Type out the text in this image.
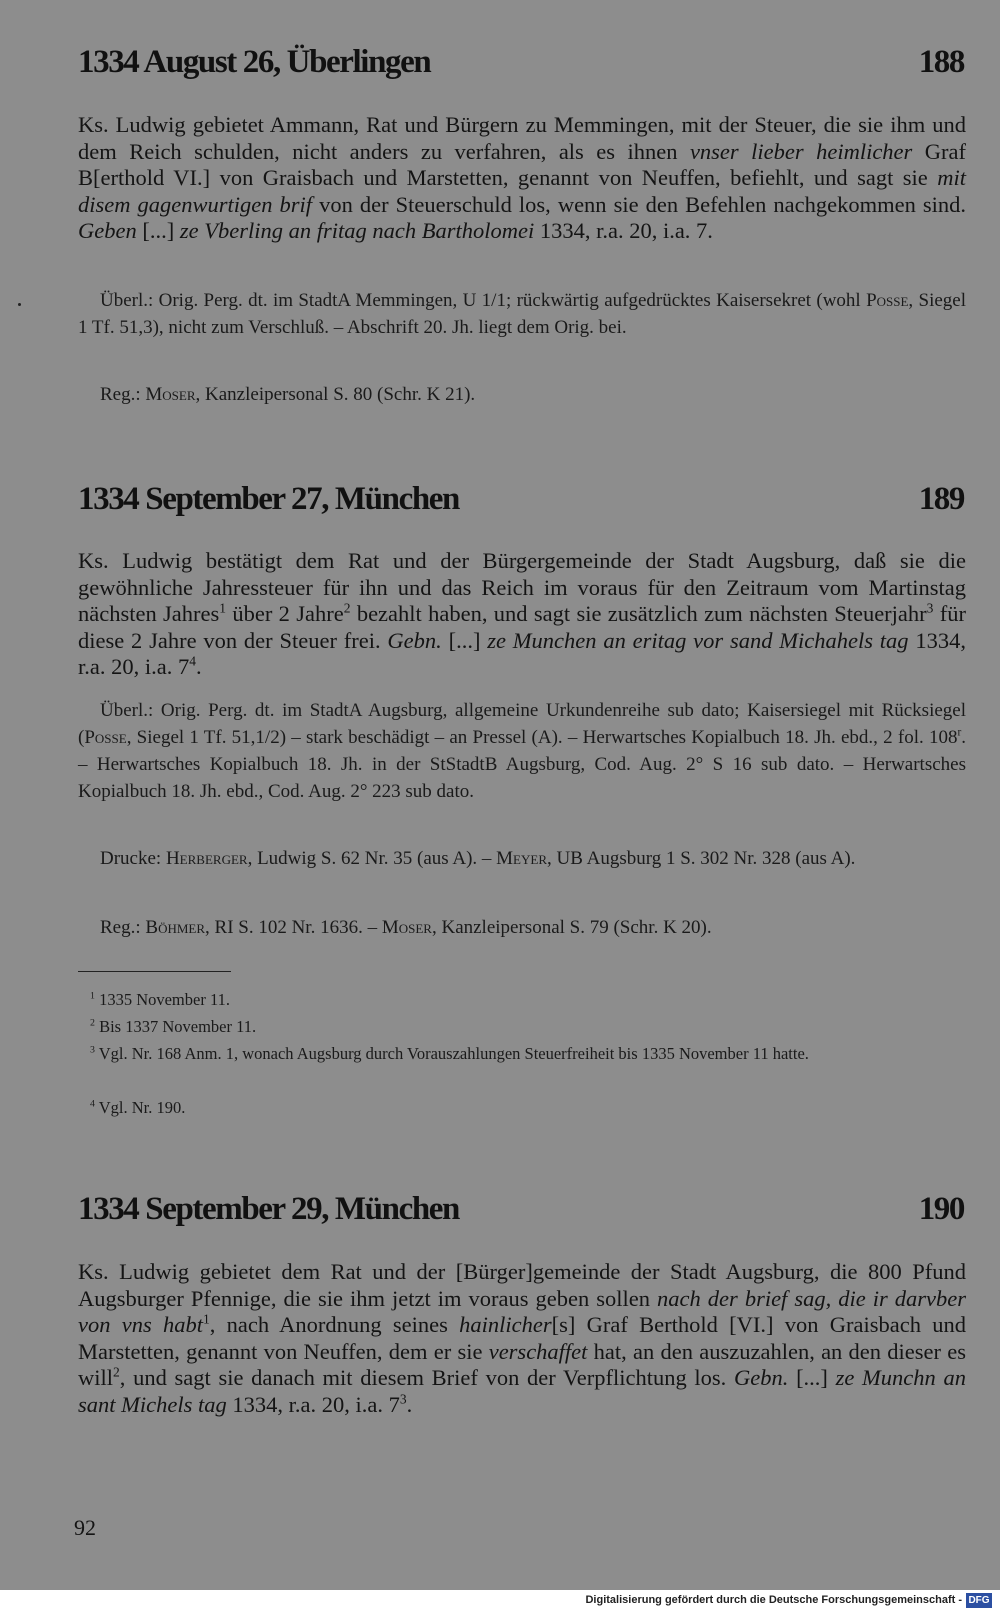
1334 August 26, Überlingen	188

Ks. Ludwig gebietet Ammann, Rat und Bürgern zu Memmingen, mit der Steuer, die sie ihm und dem Reich schulden, nicht anders zu verfahren, als es ihnen vnser lieber heimlicher Graf B[erthold VI.] von Graisbach und Marstetten, genannt von Neuffen, befiehlt, und sagt sie mit disem gagenwurtigen brif von der Steuerschuld los, wenn sie den Befehlen nachgekommen sind. Geben [...] ze Vberling an fritag nach Bartholomei 1334, r.a. 20, i.a. 7.

Überl.: Orig. Perg. dt. im StadtA Memmingen, U 1/1; rückwärtig aufgedrücktes Kaisersekret (wohl Posse, Siegel 1 Tf. 51,3), nicht zum Verschluß. – Abschrift 20. Jh. liegt dem Orig. bei.

Reg.: Moser, Kanzleipersonal S. 80 (Schr. K 21).

1334 September 27, München	189

Ks. Ludwig bestätigt dem Rat und der Bürgergemeinde der Stadt Augsburg, daß sie die gewöhnliche Jahressteuer für ihn und das Reich im voraus für den Zeitraum vom Martinstag nächsten Jahres$^1$ über 2 Jahre$^2$ bezahlt haben, und sagt sie zusätzlich zum nächsten Steuerjahr$^3$ für diese 2 Jahre von der Steuer frei. Gebn. [...] ze Munchen an eritag vor sand Michahels tag 1334, r.a. 20, i.a. $7^4$.

Überl.: Orig. Perg. dt. im StadtA Augsburg, allgemeine Urkundenreihe sub dato; Kaisersiegel mit Rücksiegel (Posse, Siegel 1 Tf. 51,1/2) – stark beschädigt – an Pressel (A). – Herwartsches Kopialbuch 18. Jh. ebd., 2 fol. 108$^r$. – Herwartsches Kopialbuch 18. Jh. in der StStadtB Augsburg, Cod. Aug. 2° S 16 sub dato. – Herwartsches Kopialbuch 18. Jh. ebd., Cod. Aug. 2° 223 sub dato.

Drucke: Herberger, Ludwig S. 62 Nr. 35 (aus A). – Meyer, UB Augsburg 1 S. 302 Nr. 328 (aus A).

Reg.: Böhmer, RI S. 102 Nr. 1636. – Moser, Kanzleipersonal S. 79 (Schr. K 20).

$^1$ 1335 November 11.
$^2$ Bis 1337 November 11.
$^3$ Vgl. Nr. 168 Anm. 1, wonach Augsburg durch Vorauszahlungen Steuerfreiheit bis 1335 November 11 hatte.
$^4$ Vgl. Nr. 190.
1334 September 29, München	190

Ks. Ludwig gebietet dem Rat und der [Bürger]gemeinde der Stadt Augsburg, die 800 Pfund Augsburger Pfennige, die sie ihm jetzt im voraus geben sollen nach der brief sag, die ir darvber von vns habt$^1$, nach Anordnung seines hainlicher[s] Graf Berthold [VI.] von Graisbach und Marstetten, genannt von Neuffen, dem er sie verschaffet hat, an den auszuzahlen, an den dieser es will$^2$, und sagt sie danach mit diesem Brief von der Verpflichtung los. Gebn. [...] ze Munchn an sant Michels tag 1334, r.a. 20, i.a. $7^3$.

92
Digitalisierung gefördert durch die Deutsche Forschungsgemeinschaft - DFG
